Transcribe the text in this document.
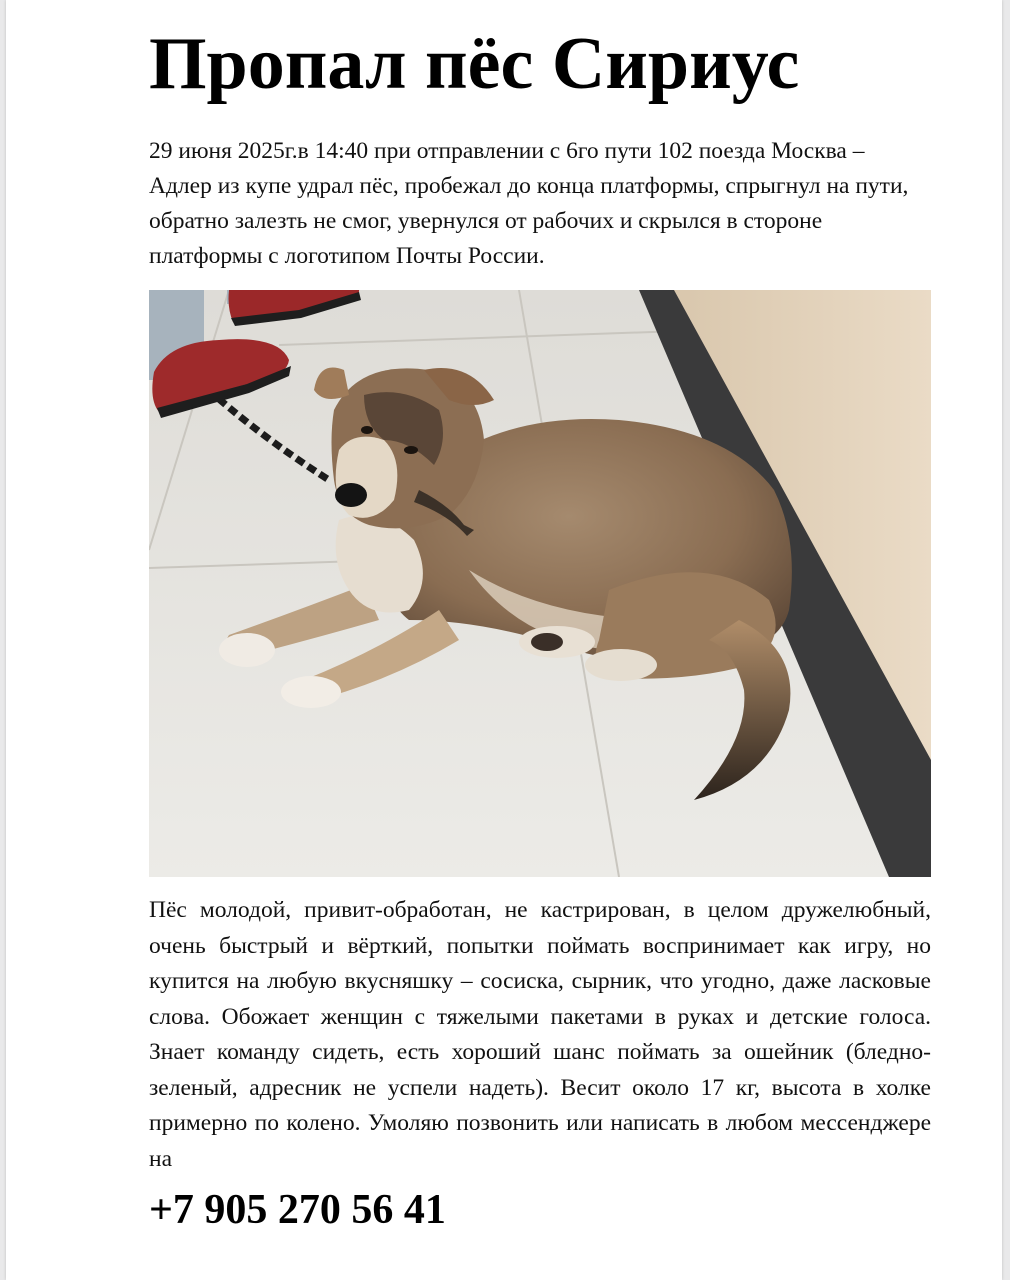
Пропал пёс Сириус

29 июня 2025г.в 14:40 при отправлении с 6го пути 102 поезда Москва – Адлер из купе удрал пёс, пробежал до конца платформы, спрыгнул на пути, обратно залезть не смог, увернулся от рабочих и скрылся в стороне платформы с логотипом Почты России.

Пёс молодой, привит-обработан, не кастрирован, в целом дружелюбный, очень быстрый и вёрткий, попытки поймать воспринимает как игру, но купится на любую вкусняшку – сосиска, сырник, что угодно, даже ласковые слова. Обожает женщин с тяжелыми пакетами в руках и детские голоса. Знает команду сидеть, есть хороший шанс поймать за ошейник (бледно-зеленый, адресник не успели надеть). Весит около 17 кг, высота в холке примерно по колено. Умоляю позвонить или написать в любом мессенджере на

+7 905 270 56 41
